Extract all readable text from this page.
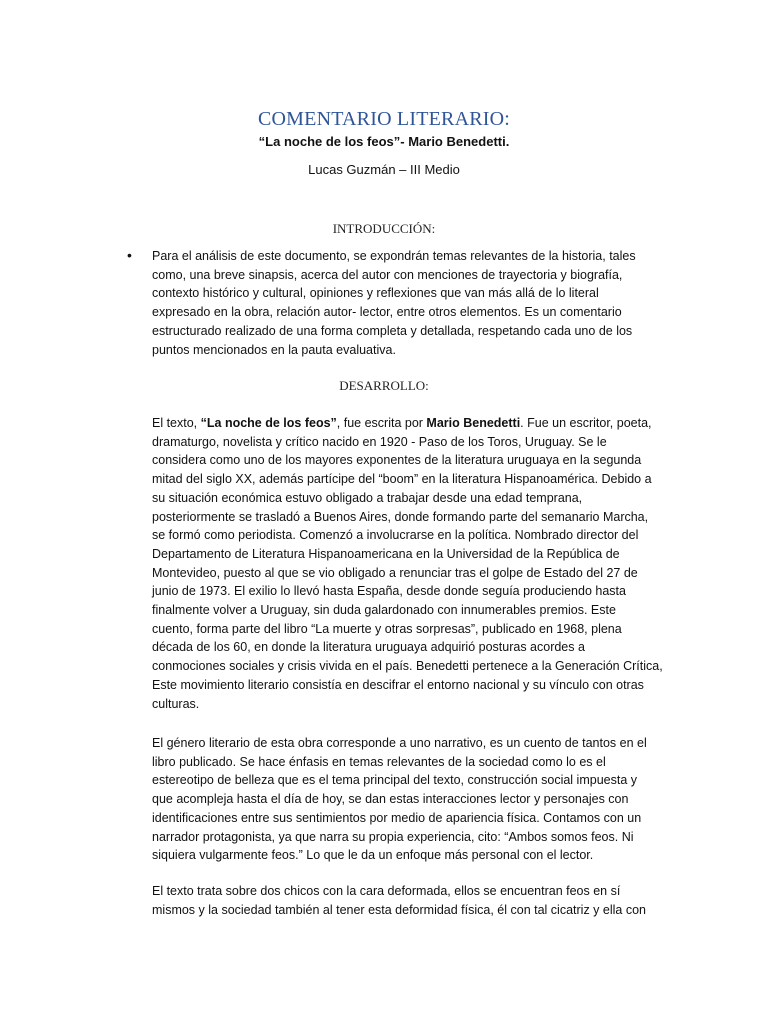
COMENTARIO LITERARIO:
“La noche de los feos”- Mario Benedetti.
Lucas Guzmán – III Medio
INTRODUCCIÓN:
• Para el análisis de este documento, se expondrán temas relevantes de la historia, tales
como, una breve sinapsis, acerca del autor con menciones de trayectoria y biografía,
contexto histórico y cultural, opiniones y reflexiones que van más allá de lo literal
expresado en la obra, relación autor- lector, entre otros elementos. Es un comentario
estructurado realizado de una forma completa y detallada, respetando cada uno de los
puntos mencionados en la pauta evaluativa.

DESARROLLO:

El texto, “La noche de los feos”, fue escrita por Mario Benedetti. Fue un escritor, poeta,
dramaturgo, novelista y crítico nacido en 1920 - Paso de los Toros, Uruguay. Se le
considera como uno de los mayores exponentes de la literatura uruguaya en la segunda
mitad del siglo XX, además partícipe del “boom” en la literatura Hispanoamérica. Debido a
su situación económica estuvo obligado a trabajar desde una edad temprana,
posteriormente se trasladó a Buenos Aires, donde formando parte del semanario Marcha,
se formó como periodista. Comenzó a involucrarse en la política. Nombrado director del
Departamento de Literatura Hispanoamericana en la Universidad de la República de
Montevideo, puesto al que se vio obligado a renunciar tras el golpe de Estado del 27 de
junio de 1973. El exilio lo llevó hasta España, desde donde seguía produciendo hasta
finalmente volver a Uruguay, sin duda galardonado con innumerables premios. Este
cuento, forma parte del libro “La muerte y otras sorpresas”, publicado en 1968, plena
década de los 60, en donde la literatura uruguaya adquirió posturas acordes a
conmociones sociales y crisis vivida en el país. Benedetti pertenece a la Generación Crítica,
Este movimiento literario consistía en descifrar el entorno nacional y su vínculo con otras
culturas.

El género literario de esta obra corresponde a uno narrativo, es un cuento de tantos en el
libro publicado. Se hace énfasis en temas relevantes de la sociedad como lo es el
estereotipo de belleza que es el tema principal del texto, construcción social impuesta y
que acompleja hasta el día de hoy, se dan estas interacciones lector y personajes con
identificaciones entre sus sentimientos por medio de apariencia física. Contamos con un
narrador protagonista, ya que narra su propia experiencia, cito: “Ambos somos feos. Ni
siquiera vulgarmente feos.” Lo que le da un enfoque más personal con el lector.

El texto trata sobre dos chicos con la cara deformada, ellos se encuentran feos en sí
mismos y la sociedad también al tener esta deformidad física, él con tal cicatriz y ella con
